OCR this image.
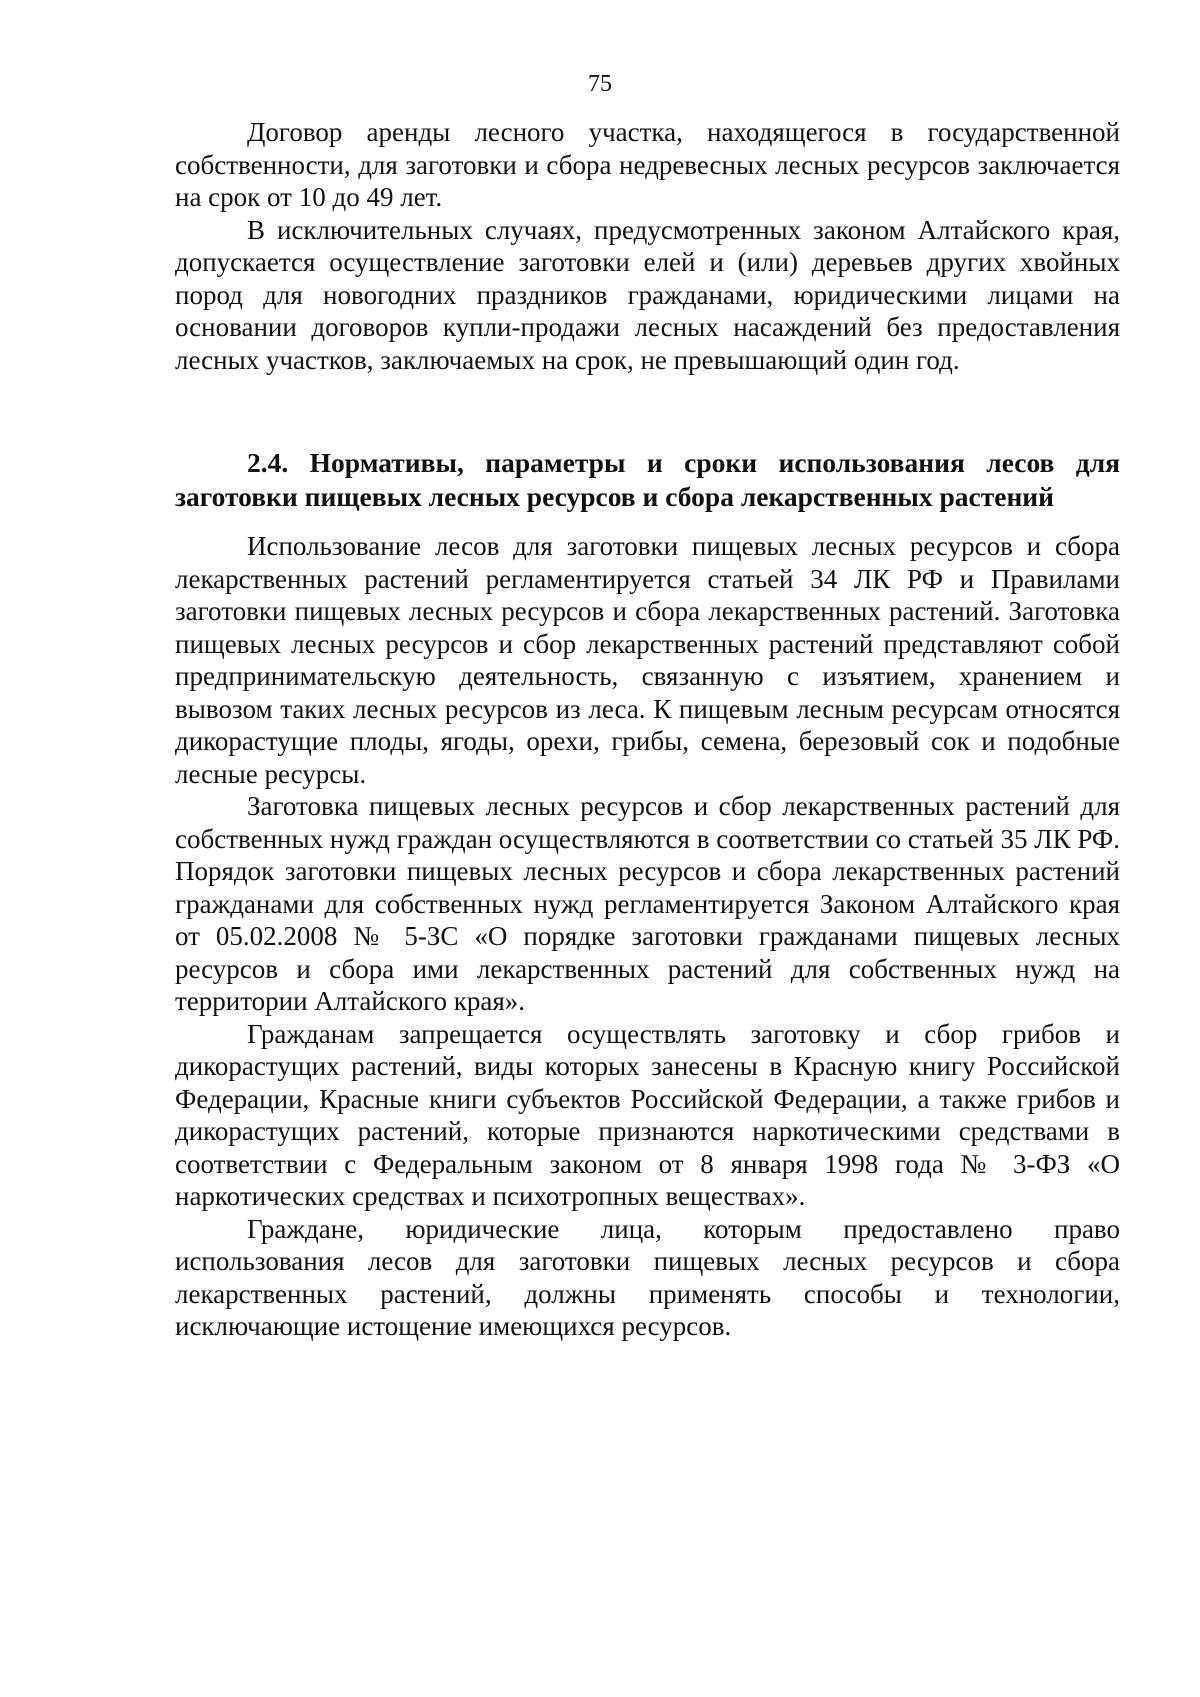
75

Договор аренды лесного участка, находящегося в государственной собственности, для заготовки и сбора недревесных лесных ресурсов заключается на срок от 10 до 49 лет.

В исключительных случаях, предусмотренных законом Алтайского края, допускается осуществление заготовки елей и (или) деревьев других хвойных пород для новогодних праздников гражданами, юридическими лицами на основании договоров купли-продажи лесных насаждений без предоставления лесных участков, заключаемых на срок, не превышающий один год.

2.4. Нормативы, параметры и сроки использования лесов для заготовки пищевых лесных ресурсов и сбора лекарственных растений

Использование лесов для заготовки пищевых лесных ресурсов и сбора лекарственных растений регламентируется статьей 34 ЛК РФ и Правилами заготовки пищевых лесных ресурсов и сбора лекарственных растений. Заготовка пищевых лесных ресурсов и сбор лекарственных растений представляют собой предпринимательскую деятельность, связанную с изъятием, хранением и вывозом таких лесных ресурсов из леса. К пищевым лесным ресурсам относятся дикорастущие плоды, ягоды, орехи, грибы, семена, березовый сок и подобные лесные ресурсы.

Заготовка пищевых лесных ресурсов и сбор лекарственных растений для собственных нужд граждан осуществляются в соответствии со статьей 35 ЛК РФ. Порядок заготовки пищевых лесных ресурсов и сбора лекарственных растений гражданами для собственных нужд регламентируется Законом Алтайского края от 05.02.2008 № 5-ЗС «О порядке заготовки гражданами пищевых лесных ресурсов и сбора ими лекарственных растений для собственных нужд на территории Алтайского края».

Гражданам запрещается осуществлять заготовку и сбор грибов и дикорастущих растений, виды которых занесены в Красную книгу Российской Федерации, Красные книги субъектов Российской Федерации, а также грибов и дикорастущих растений, которые признаются наркотическими средствами в соответствии с Федеральным законом от 8 января 1998 года № 3-ФЗ «О наркотических средствах и психотропных веществах».

Граждане, юридические лица, которым предоставлено право использования лесов для заготовки пищевых лесных ресурсов и сбора лекарственных растений, должны применять способы и технологии, исключающие истощение имеющихся ресурсов.
